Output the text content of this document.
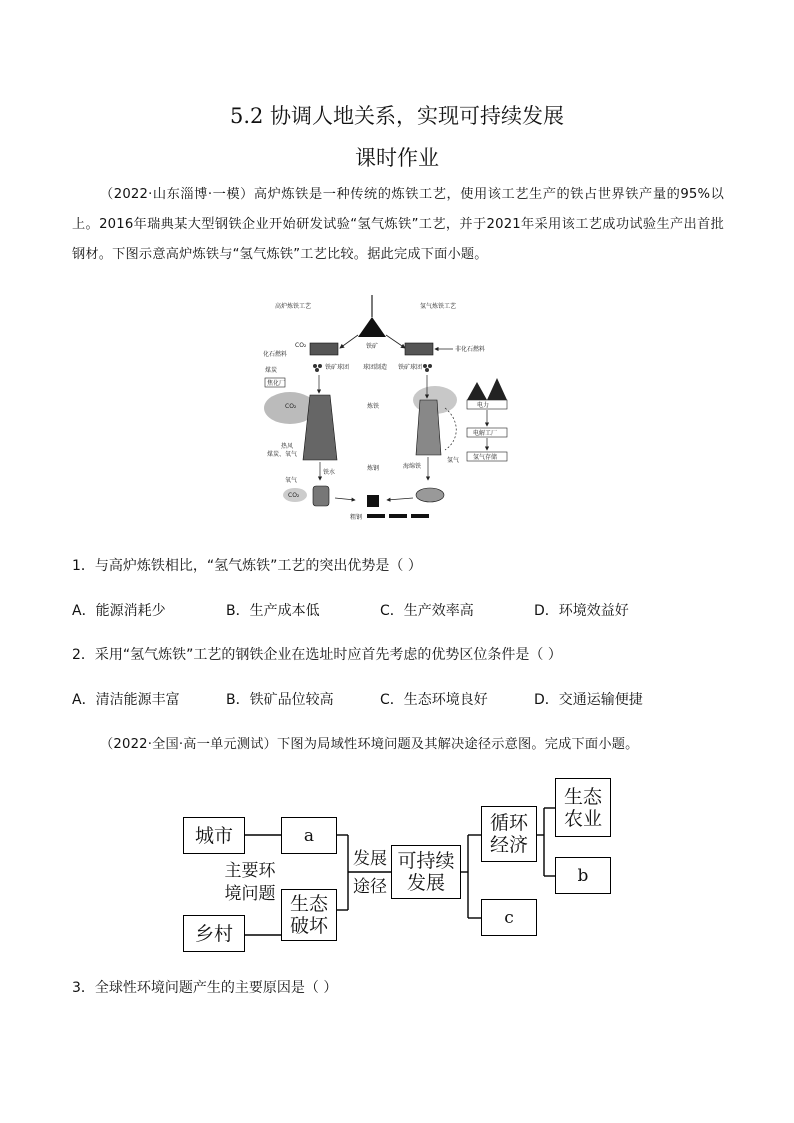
5.2 协调人地关系，实现可持续发展
课时作业
（2022·山东淄博·一模）高炉炼铁是一种传统的炼铁工艺，使用该工艺生产的铁占世界铁产量的95%以上。2016年瑞典某大型钢铁企业开始研发试验“氢气炼铁”工艺，并于2021年采用该工艺成功试验生产出首批钢材。下图示意高炉炼铁与“氢气炼铁”工艺比较。据此完成下面小题。
高炉炼铁工艺	氢气炼铁工艺
铁矿
化石燃料
非化石燃料
铁矿球团	铁矿球团
球团制造
煤炭
焦化厂
CO₂	炼铁
热风
煤炭、氧气
氢气
电力
电解工厂
氢气存储
铁水
海绵铁
炼钢
氧气
CO₂
粗钢
CO₂
1．与高炉炼铁相比，“氢气炼铁”工艺的突出优势是（ ）
A．能源消耗少	B．生产成本低	C．生产效率高	D．环境效益好
2．采用“氢气炼铁”工艺的钢铁企业在选址时应首先考虑的优势区位条件是（ ）
A．清洁能源丰富	B．铁矿品位较高	C．生态环境良好	D．交通运输便捷
（2022·全国·高一单元测试）下图为局域性环境问题及其解决途径示意图。完成下面小题。
城市
乡村
a
生态
破坏
主要环
境问题
发展
途径
可持续
发展
循环
经济
c
生态
农业
b
3．全球性环境问题产生的主要原因是（ ）
